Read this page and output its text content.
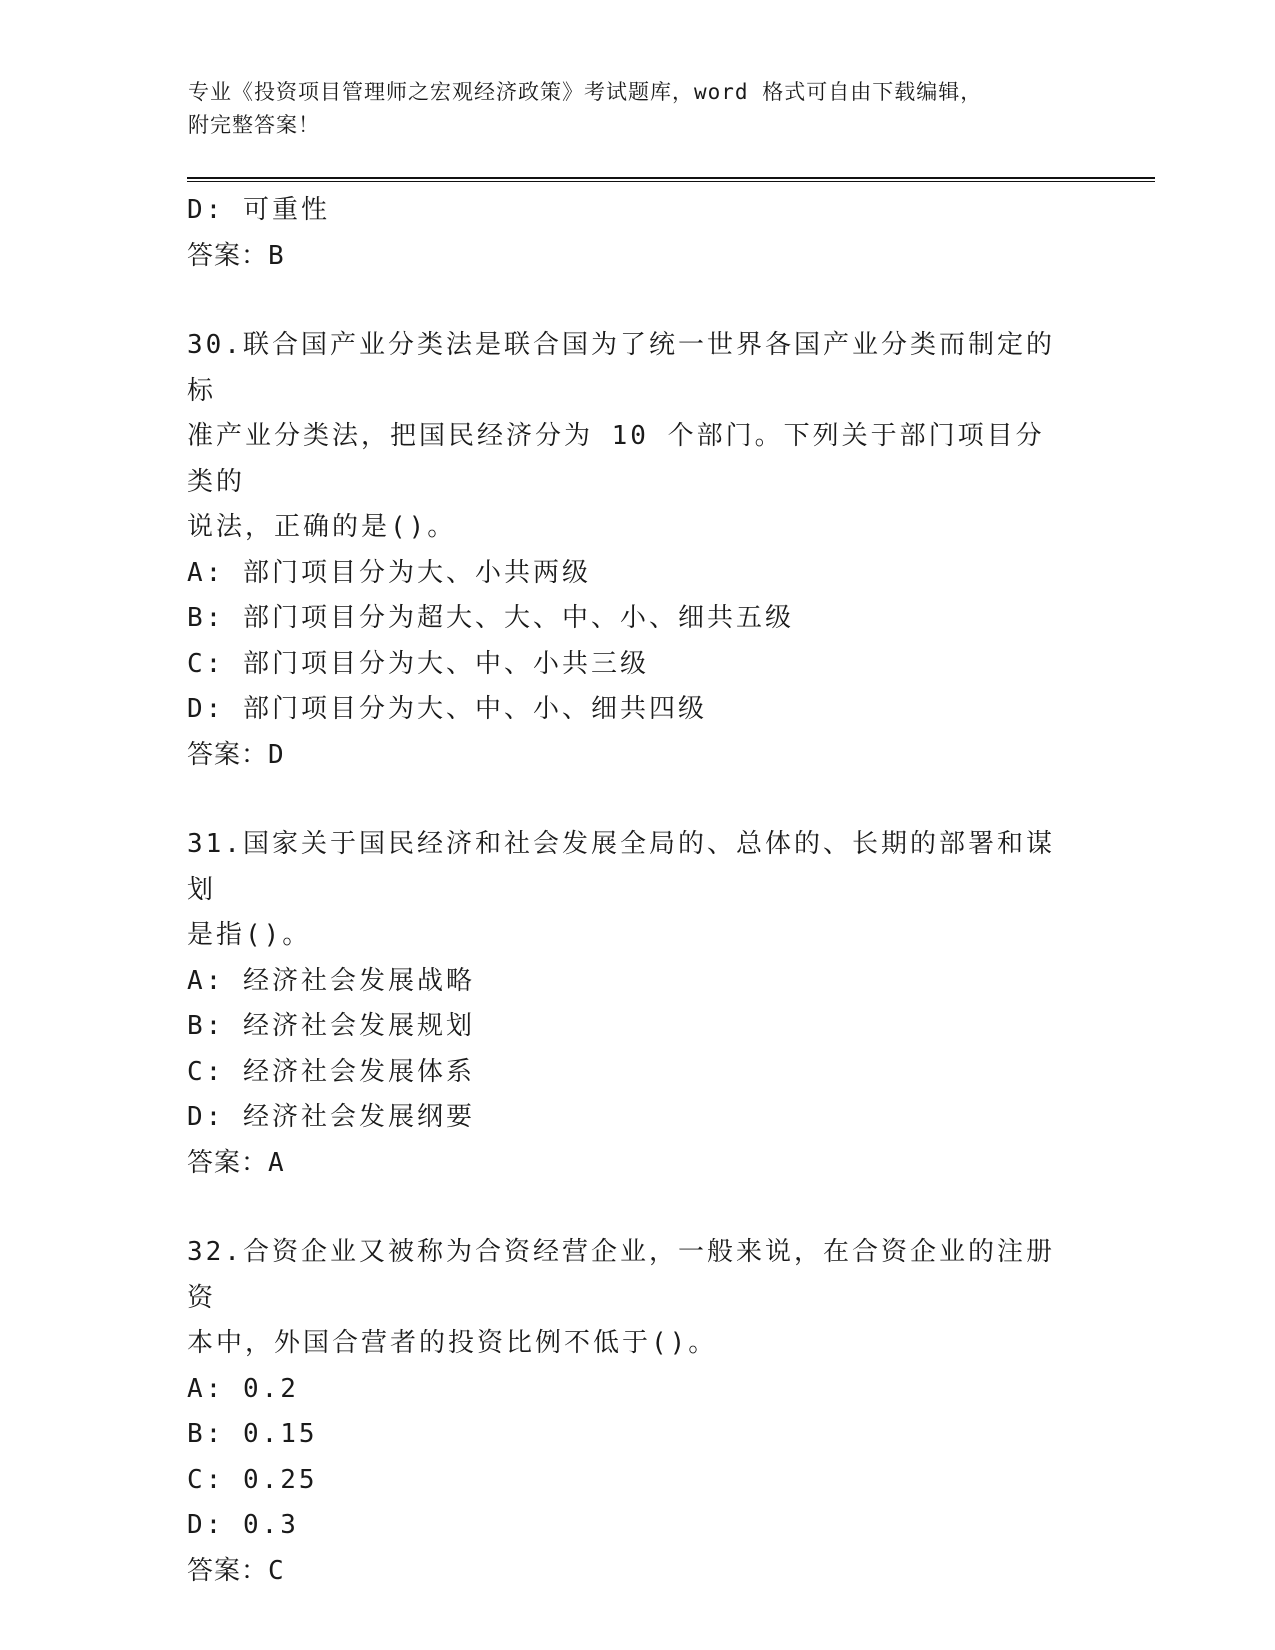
专业《投资项目管理师之宏观经济政策》考试题库，word 格式可自由下载编辑，
附完整答案！
D: 可重性
答案：B
30.联合国产业分类法是联合国为了统一世界各国产业分类而制定的标
准产业分类法，把国民经济分为 10 个部门。下列关于部门项目分类的
说法，正确的是()。
A: 部门项目分为大、小共两级
B: 部门项目分为超大、大、中、小、细共五级
C: 部门项目分为大、中、小共三级
D: 部门项目分为大、中、小、细共四级
答案：D
31.国家关于国民经济和社会发展全局的、总体的、长期的部署和谋划
是指()。
A: 经济社会发展战略
B: 经济社会发展规划
C: 经济社会发展体系
D: 经济社会发展纲要
答案：A
32.合资企业又被称为合资经营企业，一般来说，在合资企业的注册资
本中，外国合营者的投资比例不低于()。
A: 0.2
B: 0.15
C: 0.25
D: 0.3
答案：C
